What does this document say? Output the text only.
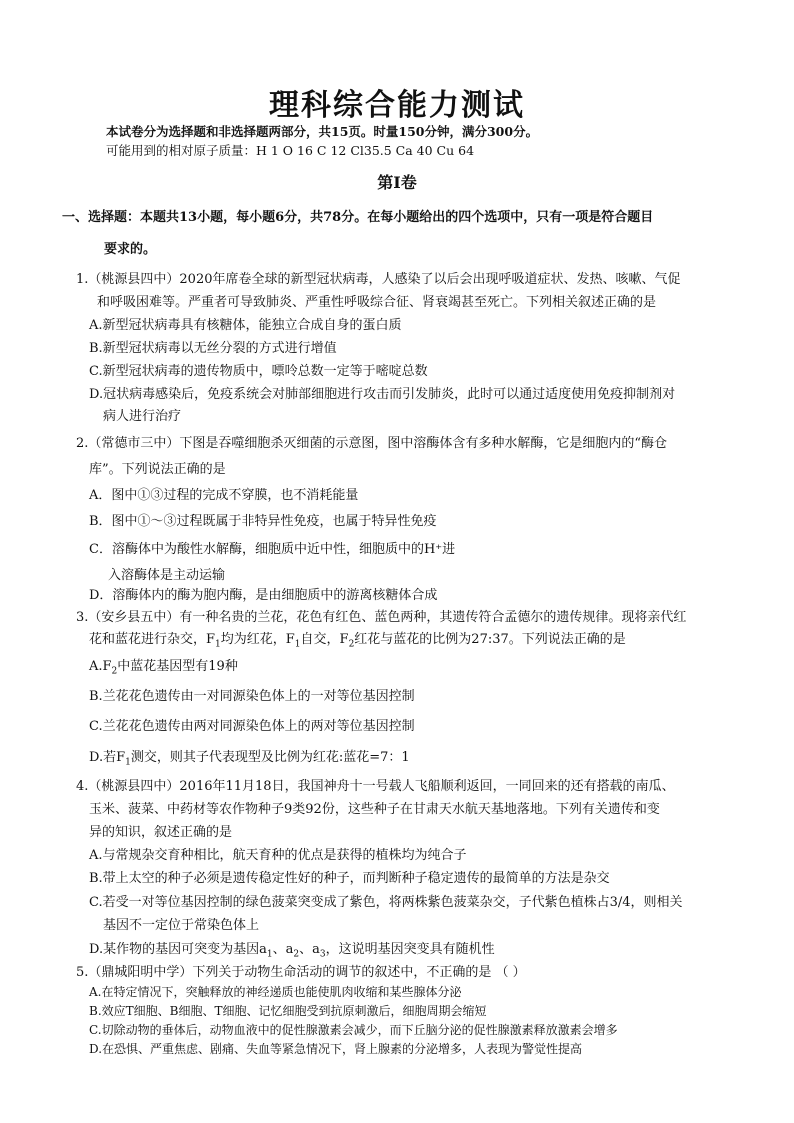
理科综合能力测试
本试卷分为选择题和非选择题两部分，共15页。时量150分钟，满分300分。
可能用到的相对原子质量：H 1 O 16 C 12 Cl35.5 Ca 40 Cu 64
第Ⅰ卷
一、选择题：本题共13小题，每小题6分，共78分。在每小题给出的四个选项中，只有一项是符合题目
要求的。
1.（桃源县四中）2020年席卷全球的新型冠状病毒，人感染了以后会出现呼吸道症状、发热、咳嗽、气促
和呼吸困难等。严重者可导致肺炎、严重性呼吸综合征、肾衰竭甚至死亡。下列相关叙述正确的是
A.新型冠状病毒具有核糖体，能独立合成自身的蛋白质
B.新型冠状病毒以无丝分裂的方式进行增值
C.新型冠状病毒的遗传物质中，嘌呤总数一定等于嘧啶总数
D.冠状病毒感染后，免疫系统会对肺部细胞进行攻击而引发肺炎，此时可以通过适度使用免疫抑制剂对
病人进行治疗
2.（常德市三中）下图是吞噬细胞杀灭细菌的示意图，图中溶酶体含有多种水解酶，它是细胞内的“酶仓
库”。下列说法正确的是
A．图中①③过程的完成不穿膜，也不消耗能量
B．图中①～③过程既属于非特异性免疫，也属于特异性免疫
C．溶酶体中为酸性水解酶，细胞质中近中性，细胞质中的H⁺进
入溶酶体是主动运输
D．溶酶体内的酶为胞内酶，是由细胞质中的游离核糖体合成
3.（安乡县五中）有一种名贵的兰花，花色有红色、蓝色两种，其遗传符合孟德尔的遗传规律。现将亲代红
花和蓝花进行杂交，$F_1$均为红花，$F_1$自交，$F_2$红花与蓝花的比例为27:37。下列说法正确的是
$A.F_2$中蓝花基因型有19种
B.兰花花色遗传由一对同源染色体上的一对等位基因控制
C.兰花花色遗传由两对同源染色体上的两对等位基因控制
D.若$F_1$测交，则其子代表现型及比例为红花:蓝花=7：1
4.（桃源县四中）2016年11月18日，我国神舟十一号载人飞船顺利返回，一同回来的还有搭载的南瓜、
玉米、菠菜、中药材等农作物种子9类92份，这些种子在甘肃天水航天基地落地。下列有关遗传和变
异的知识，叙述正确的是
A.与常规杂交育种相比，航天育种的优点是获得的植株均为纯合子
B.带上太空的种子必须是遗传稳定性好的种子，而判断种子稳定遗传的最简单的方法是杂交
C.若受一对等位基因控制的绿色菠菜突变成了紫色，将两株紫色菠菜杂交，子代紫色植株占3/4，则相关
基因不一定位于常染色体上
D.某作物的基因可突变为基因$a_1$、$a_2$、$a_3$，这说明基因突变具有随机性
5.（鼎城阳明中学）下列关于动物生命活动的调节的叙述中，不正确的是 （ ）
A.在特定情况下，突触释放的神经递质也能使肌肉收缩和某些腺体分泌
B.效应T细胞、B细胞、T细胞、记忆细胞受到抗原刺激后，细胞周期会缩短
C.切除动物的垂体后，动物血液中的促性腺激素会减少，而下丘脑分泌的促性腺激素释放激素会增多
D.在恐惧、严重焦虑、剧痛、失血等紧急情况下，肾上腺素的分泌增多，人表现为警觉性提高
